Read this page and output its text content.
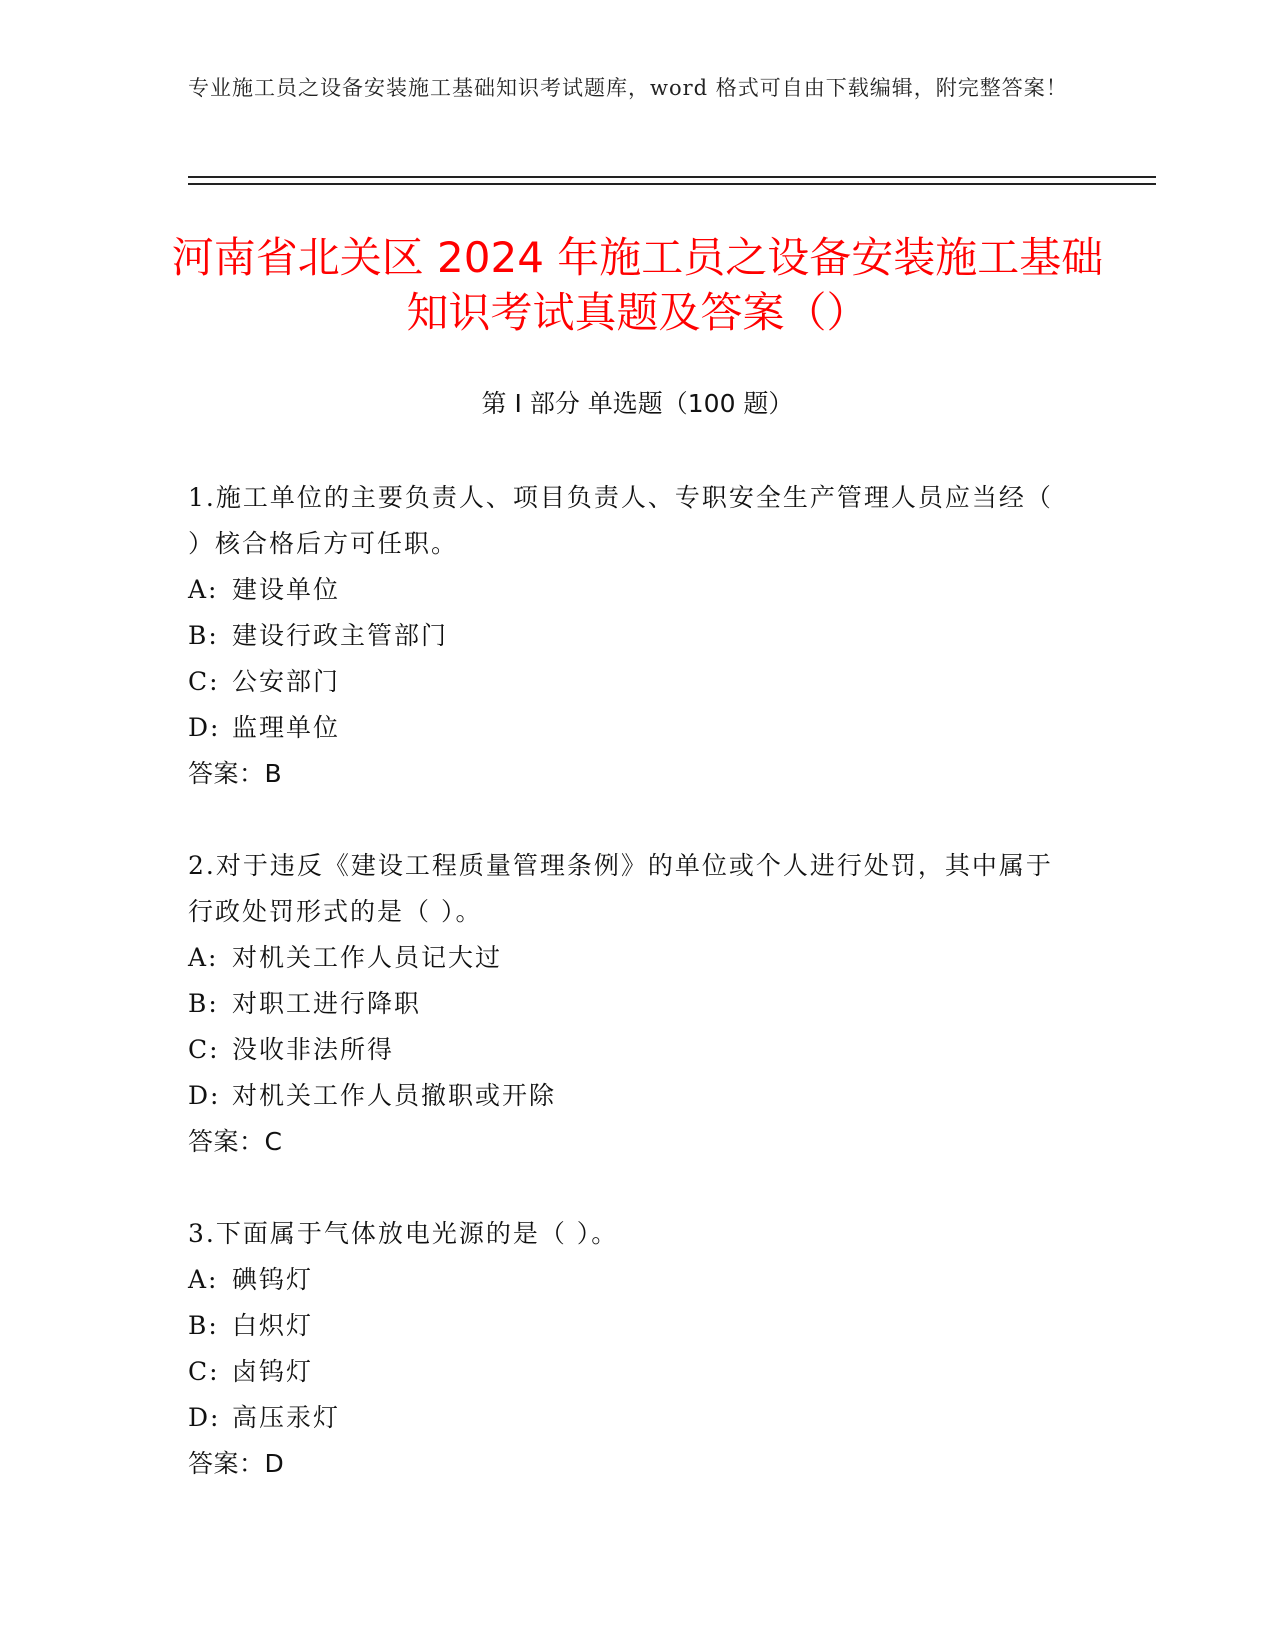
专业施工员之设备安装施工基础知识考试题库，word 格式可自由下载编辑，附完整答案！
河南省北关区 2024 年施工员之设备安装施工基础知识考试真题及答案（）
第 I 部分 单选题（100 题）

1.施工单位的主要负责人、项目负责人、专职安全生产管理人员应当经（ ）核合格后方可任职。

A: 建设单位
B: 建设行政主管部门
C: 公安部门
D: 监理单位
答案：B

2.对于违反《建设工程质量管理条例》的单位或个人进行处罚，其中属于行政处罚形式的是（ ）。

A: 对机关工作人员记大过
B: 对职工进行降职
C: 没收非法所得
D: 对机关工作人员撤职或开除
答案：C

3.下面属于气体放电光源的是（ ）。

A: 碘钨灯
B: 白炽灯
C: 卤钨灯
D: 高压汞灯
答案：D
